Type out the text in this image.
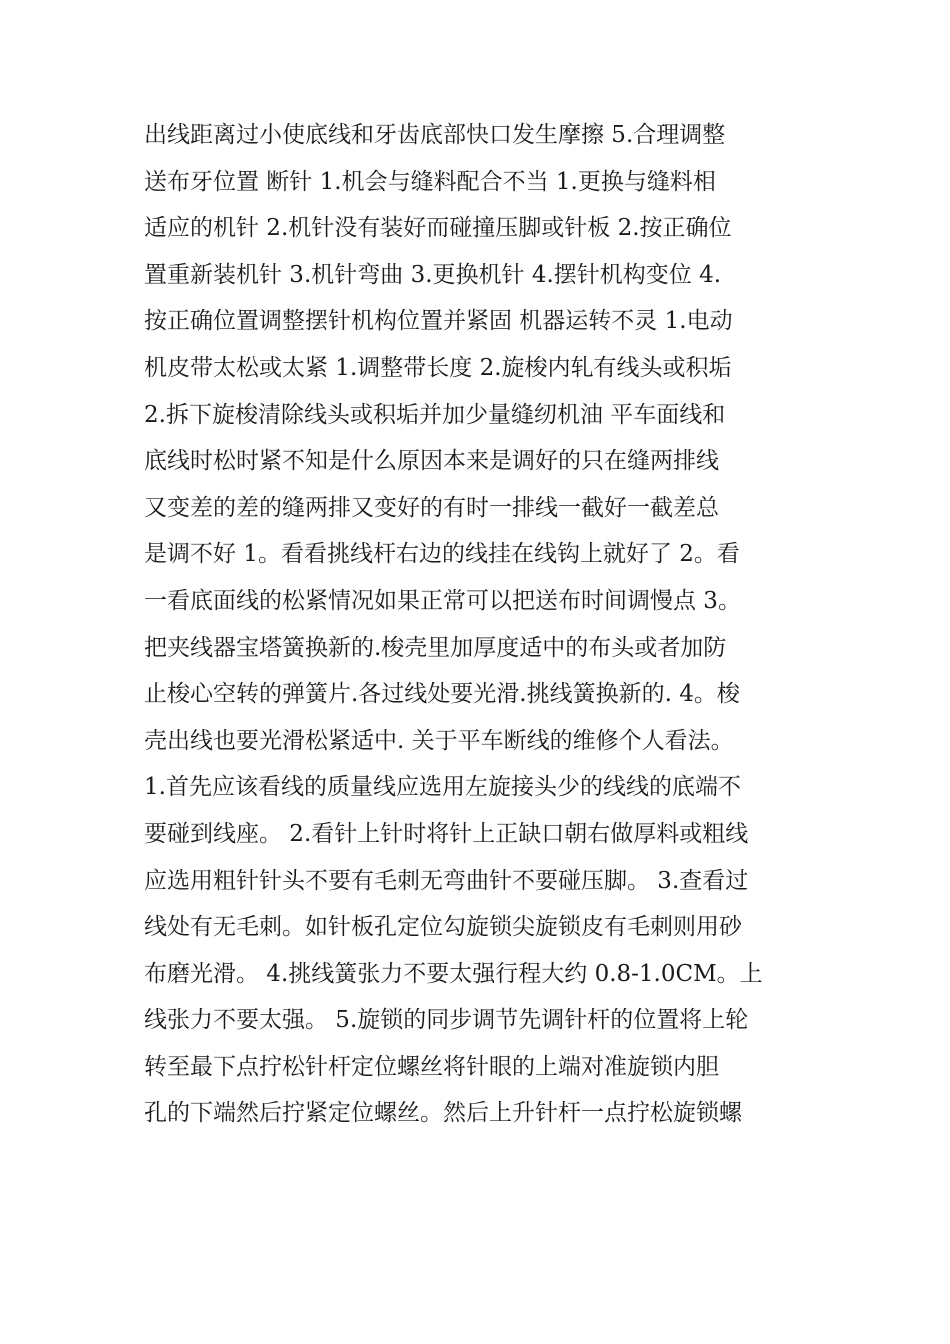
出线距离过小使底线和牙齿底部快口发生摩擦 5.合理调整
送布牙位置 断针 1.机会与缝料配合不当 1.更换与缝料相
适应的机针 2.机针没有装好而碰撞压脚或针板 2.按正确位
置重新装机针 3.机针弯曲 3.更换机针 4.摆针机构变位 4.
按正确位置调整摆针机构位置并紧固 机器运转不灵 1.电动
机皮带太松或太紧 1.调整带长度 2.旋梭内轧有线头或积垢
2.拆下旋梭清除线头或积垢并加少量缝纫机油 平车面线和
底线时松时紧不知是什么原因本来是调好的只在缝两排线
又变差的差的缝两排又变好的有时一排线一截好一截差总
是调不好 1。看看挑线杆右边的线挂在线钩上就好了 2。看
一看底面线的松紧情况如果正常可以把送布时间调慢点 3。
把夹线器宝塔簧换新的.梭壳里加厚度适中的布头或者加防
止梭心空转的弹簧片.各过线处要光滑.挑线簧换新的. 4。梭
壳出线也要光滑松紧适中. 关于平车断线的维修个人看法。
1.首先应该看线的质量线应选用左旋接头少的线线的底端不
要碰到线座。 2.看针上针时将针上正缺口朝右做厚料或粗线
应选用粗针针头不要有毛刺无弯曲针不要碰压脚。 3.查看过
线处有无毛刺。如针板孔定位勾旋锁尖旋锁皮有毛刺则用砂
布磨光滑。 4.挑线簧张力不要太强行程大约 0.8-1.0CM。上
线张力不要太强。 5.旋锁的同步调节先调针杆的位置将上轮
转至最下点拧松针杆定位螺丝将针眼的上端对准旋锁内胆
孔的下端然后拧紧定位螺丝。然后上升针杆一点拧松旋锁螺
